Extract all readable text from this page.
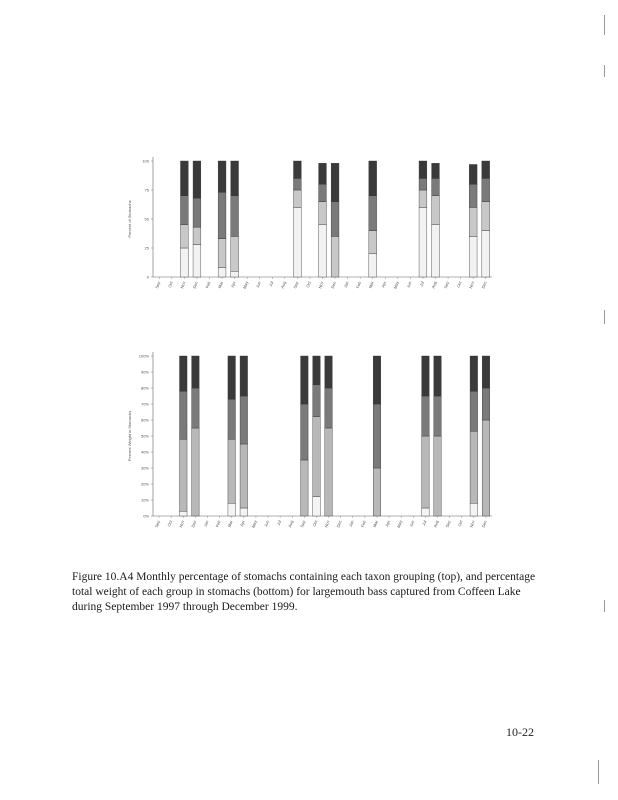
0
25
50
75
100
Percent of Stomachs
Sep Oct Nov Dec Feb Mar Apr May Jun Jul Aug Sep Oct Nov Dec Jan Feb Mar Apr May Jun Jul Aug Sep Oct Nov Dec
0%
10%
20%
30%
40%
50%
60%
70%
80%
90%
100%
Percent Weight in Stomachs
Sep Oct Nov Dec Jan Feb Mar Apr May Jun Jul Aug Sep Oct Nov Dec Jan Feb Mar Apr May Jun Jul Aug Sep Oct Nov Dec
Figure 10.A4 Monthly percentage of stomachs containing each taxon grouping (top), and percentage total weight of each group in stomachs (bottom) for largemouth bass captured from Coffeen Lake during September 1997 through December 1999.
10-22
